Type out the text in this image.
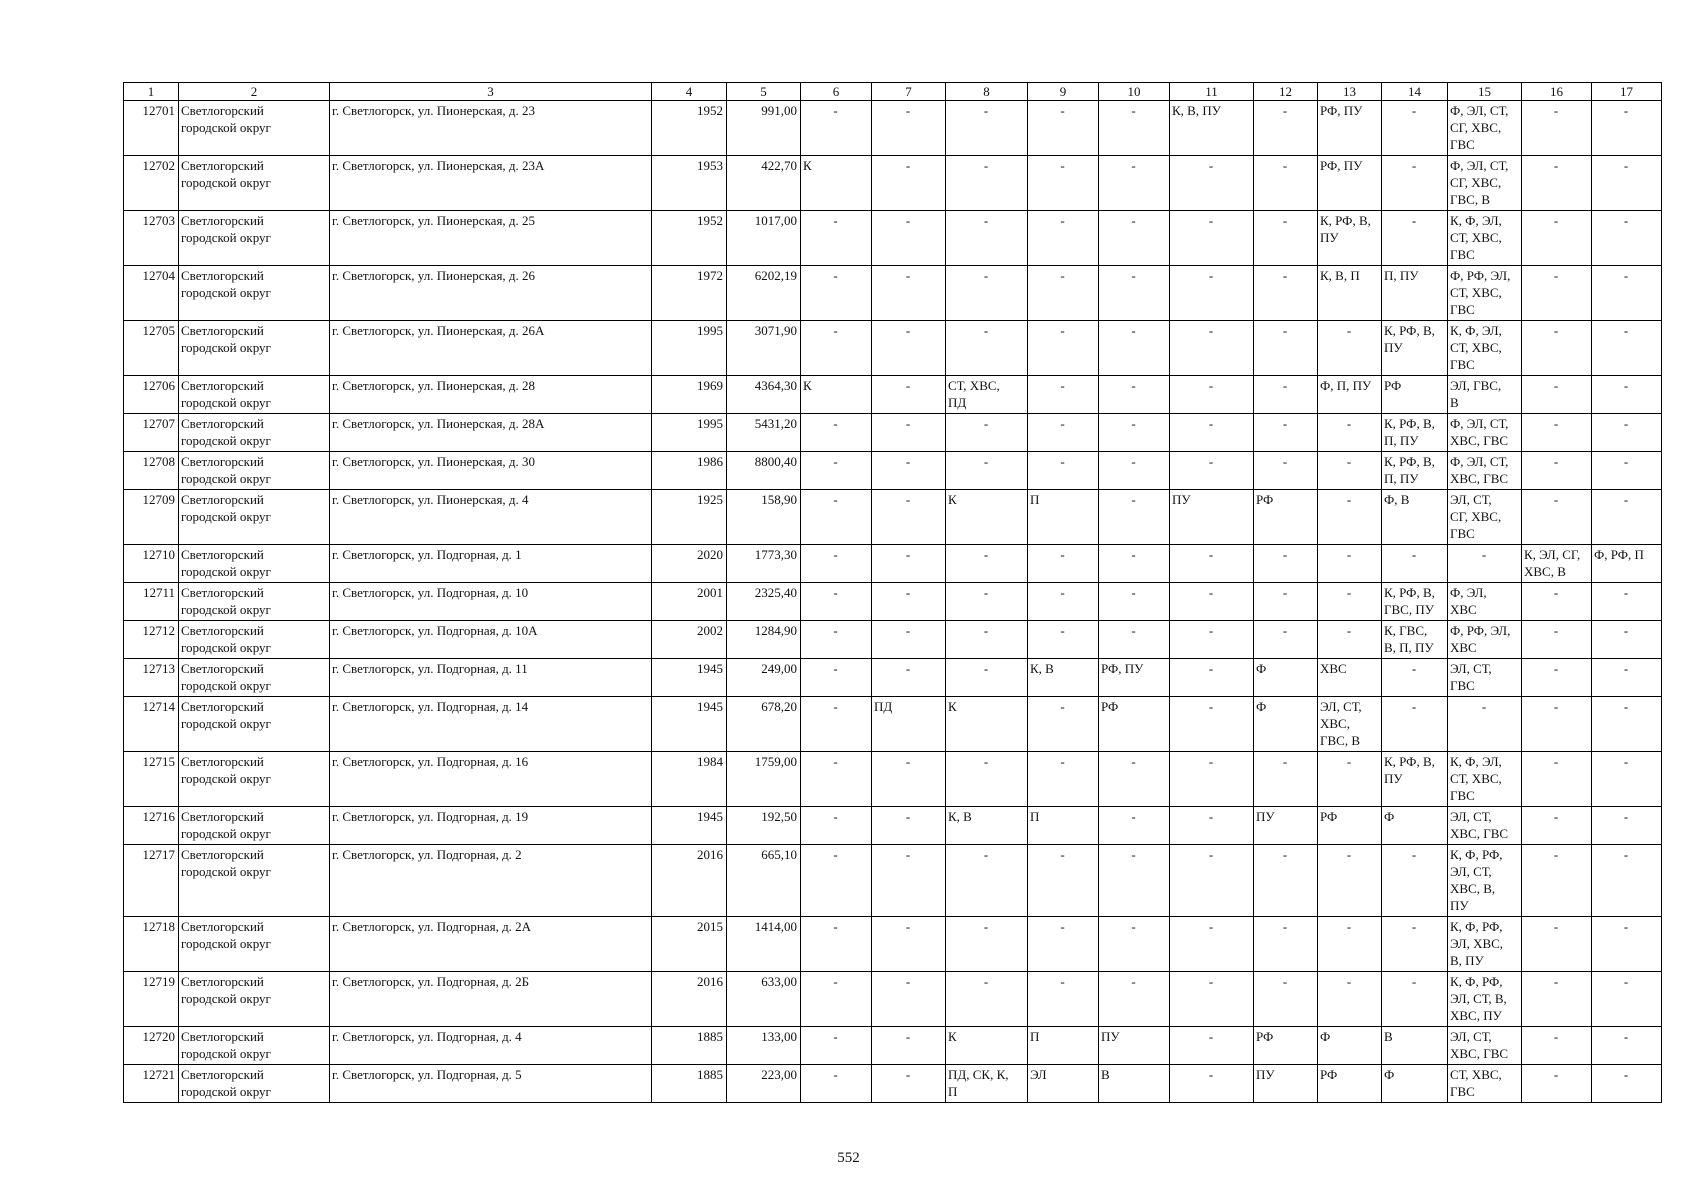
1	2	3	4	5	6	7	8	9	10	11	12	13	14	15	16	17
12701	Светлогорский
городской округ	г. Светлогорск, ул. Пионерская, д. 23	1952	991,00	-	-	-	-	-	К, В, ПУ	-	РФ, ПУ	-	Ф, ЭЛ, СТ,
СГ, ХВС,
ГВС	-	-
12702	Светлогорский
городской округ	г. Светлогорск, ул. Пионерская, д. 23А	1953	422,70	К	-	-	-	-	-	-	РФ, ПУ	-	Ф, ЭЛ, СТ,
СГ, ХВС,
ГВС, В	-	-
12703	Светлогорский
городской округ	г. Светлогорск, ул. Пионерская, д. 25	1952	1017,00	-	-	-	-	-	-	-	К, РФ, В,
ПУ	-	К, Ф, ЭЛ,
СТ, ХВС,
ГВС	-	-
12704	Светлогорский
городской округ	г. Светлогорск, ул. Пионерская, д. 26	1972	6202,19	-	-	-	-	-	-	-	К, В, П	П, ПУ	Ф, РФ, ЭЛ,
СТ, ХВС,
ГВС	-	-
12705	Светлогорский
городской округ	г. Светлогорск, ул. Пионерская, д. 26А	1995	3071,90	-	-	-	-	-	-	-	-	К, РФ, В,
ПУ	К, Ф, ЭЛ,
СТ, ХВС,
ГВС	-	-
12706	Светлогорский
городской округ	г. Светлогорск, ул. Пионерская, д. 28	1969	4364,30	К	-	СТ, ХВС,
ПД	-	-	-	-	Ф, П, ПУ	РФ	ЭЛ, ГВС,
В	-	-
12707	Светлогорский
городской округ	г. Светлогорск, ул. Пионерская, д. 28А	1995	5431,20	-	-	-	-	-	-	-	-	К, РФ, В,
П, ПУ	Ф, ЭЛ, СТ,
ХВС, ГВС	-	-
12708	Светлогорский
городской округ	г. Светлогорск, ул. Пионерская, д. 30	1986	8800,40	-	-	-	-	-	-	-	-	К, РФ, В,
П, ПУ	Ф, ЭЛ, СТ,
ХВС, ГВС	-	-
12709	Светлогорский
городской округ	г. Светлогорск, ул. Пионерская, д. 4	1925	158,90	-	-	К	П	-	ПУ	РФ	-	Ф, В	ЭЛ, СТ,
СГ, ХВС,
ГВС	-	-
12710	Светлогорский
городской округ	г. Светлогорск, ул. Подгорная, д. 1	2020	1773,30	-	-	-	-	-	-	-	-	-	-	К, ЭЛ, СГ,
ХВС, В	Ф, РФ, П
12711	Светлогорский
городской округ	г. Светлогорск, ул. Подгорная, д. 10	2001	2325,40	-	-	-	-	-	-	-	-	К, РФ, В,
ГВС, ПУ	Ф, ЭЛ,
ХВС	-	-
12712	Светлогорский
городской округ	г. Светлогорск, ул. Подгорная, д. 10А	2002	1284,90	-	-	-	-	-	-	-	-	К, ГВС,
В, П, ПУ	Ф, РФ, ЭЛ,
ХВС	-	-
12713	Светлогорский
городской округ	г. Светлогорск, ул. Подгорная, д. 11	1945	249,00	-	-	-	К, В	РФ, ПУ	-	Ф	ХВС	-	ЭЛ, СТ,
ГВС	-	-
12714	Светлогорский
городской округ	г. Светлогорск, ул. Подгорная, д. 14	1945	678,20	-	ПД	К	-	РФ	-	Ф	ЭЛ, СТ,
ХВС,
ГВС, В	-	-	-	-
12715	Светлогорский
городской округ	г. Светлогорск, ул. Подгорная, д. 16	1984	1759,00	-	-	-	-	-	-	-	-	К, РФ, В,
ПУ	К, Ф, ЭЛ,
СТ, ХВС,
ГВС	-	-
12716	Светлогорский
городской округ	г. Светлогорск, ул. Подгорная, д. 19	1945	192,50	-	-	К, В	П	-	-	ПУ	РФ	Ф	ЭЛ, СТ,
ХВС, ГВС	-	-
12717	Светлогорский
городской округ	г. Светлогорск, ул. Подгорная, д. 2	2016	665,10	-	-	-	-	-	-	-	-	-	К, Ф, РФ,
ЭЛ, СТ,
ХВС, В,
ПУ	-	-
12718	Светлогорский
городской округ	г. Светлогорск, ул. Подгорная, д. 2А	2015	1414,00	-	-	-	-	-	-	-	-	-	К, Ф, РФ,
ЭЛ, ХВС,
В, ПУ	-	-
12719	Светлогорский
городской округ	г. Светлогорск, ул. Подгорная, д. 2Б	2016	633,00	-	-	-	-	-	-	-	-	-	К, Ф, РФ,
ЭЛ, СТ, В,
ХВС, ПУ	-	-
12720	Светлогорский
городской округ	г. Светлогорск, ул. Подгорная, д. 4	1885	133,00	-	-	К	П	ПУ	-	РФ	Ф	В	ЭЛ, СТ,
ХВС, ГВС	-	-
12721	Светлогорский
городской округ	г. Светлогорск, ул. Подгорная, д. 5	1885	223,00	-	-	ПД, СК, К,
П	ЭЛ	В	-	ПУ	РФ	Ф	СТ, ХВС,
ГВС	-	-
552
